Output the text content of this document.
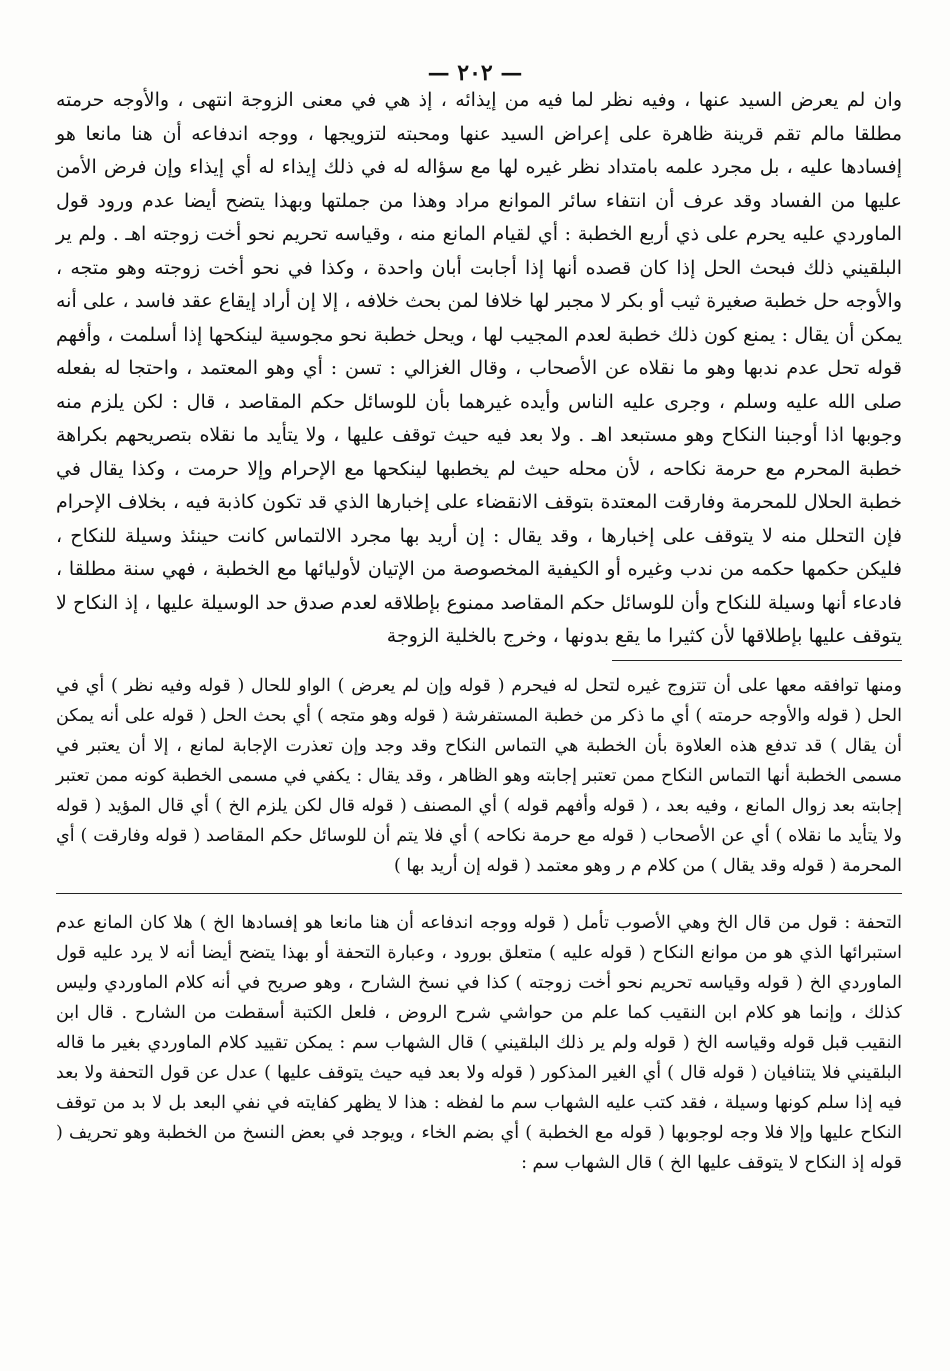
— ٢٠٢ —

وان لم يعرض السيد عنها ، وفيه نظر لما فيه من إيذائه ، إذ هي في معنى الزوجة انتهى ، والأوجه حرمته مطلقا مالم تقم قرينة ظاهرة على إعراض السيد عنها ومحبته لتزويجها ، ووجه اندفاعه أن هنا مانعا هو إفسادها عليه ، بل مجرد علمه بامتداد نظر غيره لها مع سؤاله له في ذلك إيذاء له أي إيذاء وإن فرض الأمن عليها من الفساد وقد عرف أن انتفاء سائر الموانع مراد وهذا من جملتها وبهذا يتضح أيضا عدم ورود قول الماوردي عليه يحرم على ذي أربع الخطبة : أي لقيام المانع منه ، وقياسه تحريم نحو أخت زوجته اهـ . ولم ير البلقيني ذلك فبحث الحل إذا كان قصده أنها إذا أجابت أبان واحدة ، وكذا في نحو أخت زوجته وهو متجه ، والأوجه حل خطبة صغيرة ثيب أو بكر لا مجبر لها خلافا لمن بحث خلافه ، إلا إن أراد إيقاع عقد فاسد ، على أنه يمكن أن يقال : يمنع كون ذلك خطبة لعدم المجيب لها ، ويحل خطبة نحو مجوسية لينكحها إذا أسلمت ، وأفهم قوله تحل عدم ندبها وهو ما نقلاه عن الأصحاب ، وقال الغزالي : تسن : أي وهو المعتمد ، واحتجا له بفعله صلى الله عليه وسلم ، وجرى عليه الناس وأيده غيرهما بأن للوسائل حكم المقاصد ، قال : لكن يلزم منه وجوبها اذا أوجبنا النكاح وهو مستبعد اهـ . ولا بعد فيه حيث توقف عليها ، ولا يتأيد ما نقلاه بتصريحهم بكراهة خطبة المحرم مع حرمة نكاحه ، لأن محله حيث لم يخطبها لينكحها مع الإحرام وإلا حرمت ، وكذا يقال في خطبة الحلال للمحرمة وفارقت المعتدة بتوقف الانقضاء على إخبارها الذي قد تكون كاذبة فيه ، بخلاف الإحرام فإن التحلل منه لا يتوقف على إخبارها ، وقد يقال : إن أريد بها مجرد الالتماس كانت حينئذ وسيلة للنكاح ، فليكن حكمها حكمه من ندب وغيره أو الكيفية المخصوصة من الإتيان لأوليائها مع الخطبة ، فهي سنة مطلقا ، فادعاء أنها وسيلة للنكاح وأن للوسائل حكم المقاصد ممنوع بإطلاقه لعدم صدق حد الوسيلة عليها ، إذ النكاح لا يتوقف عليها بإطلاقها لأن كثيرا ما يقع بدونها ، وخرج بالخلية الزوجة

ومنها توافقه معها على أن تتزوج غيره لتحل له فيحرم ( قوله وإن لم يعرض ) الواو للحال ( قوله وفيه نظر ) أي في الحل ( قوله والأوجه حرمته ) أي ما ذكر من خطبة المستفرشة ( قوله وهو متجه ) أي بحث الحل ( قوله على أنه يمكن أن يقال ) قد تدفع هذه العلاوة بأن الخطبة هي التماس النكاح وقد وجد وإن تعذرت الإجابة لمانع ، إلا أن يعتبر في مسمى الخطبة أنها التماس النكاح ممن تعتبر إجابته وهو الظاهر ، وقد يقال : يكفي في مسمى الخطبة كونه ممن تعتبر إجابته بعد زوال المانع ، وفيه بعد ، ( قوله وأفهم قوله ) أي المصنف ( قوله قال لكن يلزم الخ ) أي قال المؤيد ( قوله ولا يتأيد ما نقلاه ) أي عن الأصحاب ( قوله مع حرمة نكاحه ) أي فلا يتم أن للوسائل حكم المقاصد ( قوله وفارقت ) أي المحرمة ( قوله وقد يقال ) من كلام م ر وهو معتمد ( قوله إن أريد بها )

التحفة : قول من قال الخ وهي الأصوب تأمل ( قوله ووجه اندفاعه أن هنا مانعا هو إفسادها الخ ) هلا كان المانع عدم استبرائها الذي هو من موانع النكاح ( قوله عليه ) متعلق بورود ، وعبارة التحفة أو بهذا يتضح أيضا أنه لا يرد عليه قول الماوردي الخ ( قوله وقياسه تحريم نحو أخت زوجته ) كذا في نسخ الشارح ، وهو صريح في أنه كلام الماوردي وليس كذلك ، وإنما هو كلام ابن النقيب كما علم من حواشي شرح الروض ، فلعل الكتبة أسقطت من الشارح . قال ابن النقيب قبل قوله وقياسه الخ ( قوله ولم ير ذلك البلقيني ) قال الشهاب سم : يمكن تقييد كلام الماوردي بغير ما قاله البلقيني فلا يتنافيان ( قوله قال ) أي الغير المذكور ( قوله ولا بعد فيه حيث يتوقف عليها ) عدل عن قول التحفة ولا بعد فيه إذا سلم كونها وسيلة ، فقد كتب عليه الشهاب سم ما لفظه : هذا لا يظهر كفايته في نفي البعد بل لا بد من توقف النكاح عليها وإلا فلا وجه لوجوبها ( قوله مع الخطبة ) أي بضم الخاء ، ويوجد في بعض النسخ من الخطبة وهو تحريف ( قوله إذ النكاح لا يتوقف عليها الخ ) قال الشهاب سم :
